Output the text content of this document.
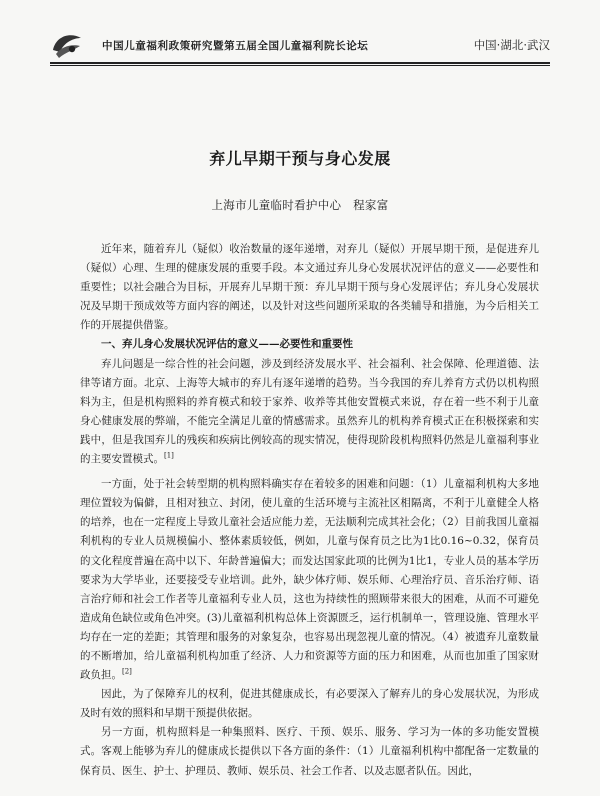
中国儿童福利政策研究暨第五届全国儿童福利院长论坛	中国·湖北·武汉
弃儿早期干预与身心发展
上海市儿童临时看护中心　程家富

近年来，随着弃儿（疑似）收治数量的逐年递增，对弃儿（疑似）开展早期干预，是促进弃儿（疑似）心理、生理的健康发展的重要手段。本文通过弃儿身心发展状况评估的意义——必要性和重要性；以社会融合为目标，开展弃儿早期干预：弃儿早期干预与身心发展评估；弃儿身心发展状况及早期干预成效等方面内容的阐述，以及针对这些问题所采取的各类辅导和措施，为今后相关工作的开展提供借鉴。

一、弃儿身心发展状况评估的意义——必要性和重要性

弃儿问题是一综合性的社会问题，涉及到经济发展水平、社会福利、社会保障、伦理道德、法律等诸方面。北京、上海等大城市的弃儿有逐年递增的趋势。当今我国的弃儿养育方式仍以机构照料为主，但是机构照料的养育模式和较于家养、收养等其他安置模式来说，存在着一些不利于儿童身心健康发展的弊端，不能完全满足儿童的情感需求。虽然弃儿的机构养育模式正在积极探索和实践中，但是我国弃儿的残疾和疾病比例较高的现实情况，使得现阶段机构照料仍然是儿童福利事业的主要安置模式。[1]

一方面，处于社会转型期的机构照料确实存在着较多的困难和问题：（1）儿童福利机构大多地理位置较为偏僻，且相对独立、封闭，使儿童的生活环境与主流社区相隔离，不利于儿童健全人格的培养，也在一定程度上导致儿童社会适应能力差，无法顺利完成其社会化；（2）目前我国儿童福利机构的专业人员规模偏小、整体素质较低，例如，儿童与保育员之比为1比0.16~0.32，保育员的文化程度普遍在高中以下、年龄普遍偏大；而发达国家此项的比例为1比1，专业人员的基本学历要求为大学毕业，还要接受专业培训。此外，缺少体疗师、娱乐师、心理治疗员、音乐治疗师、语言治疗师和社会工作者等儿童福利专业人员，这也为持续性的照顾带来很大的困难，从而不可避免造成角色缺位或角色冲突。(3)儿童福利机构总体上资源匮乏，运行机制单一，管理设施、管理水平均存在一定的差距；其管理和服务的对象复杂，也容易出现忽视儿童的情况。（4）被遗弃儿童数量的不断增加，给儿童福利机构加重了经济、人力和资源等方面的压力和困难，从而也加重了国家财政负担。[2]

因此，为了保障弃儿的权利，促进其健康成长，有必要深入了解弃儿的身心发展状况，为形成及时有效的照料和早期干预提供依据。

另一方面，机构照料是一种集照料、医疗、干预、娱乐、服务、学习为一体的多功能安置模式。客观上能够为弃儿的健康成长提供以下各方面的条件：（1）儿童福利机构中都配备一定数量的保育员、医生、护士、护理员、教师、娱乐员、社会工作者、以及志愿者队伍。因此，
